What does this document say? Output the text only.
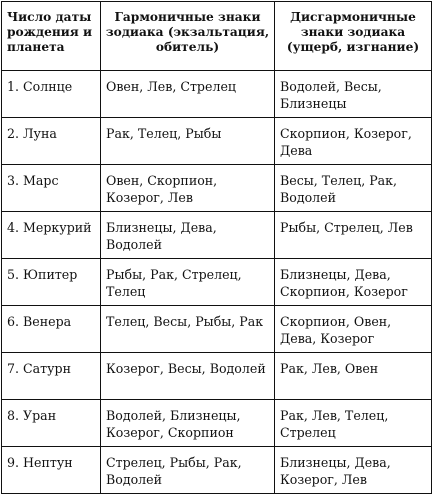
Число даты рождения и планета	Гармоничные знаки зодиака (экзальтация, обитель)	Дисгармоничные знаки зодиака (ущерб, изгнание)
1. Солнце	Овен, Лев, Стрелец	Водолей, Весы, Близнецы
2. Луна	Рак, Телец, Рыбы	Скорпион, Козерог, Дева
3. Марс	Овен, Скорпион, Козерог, Лев	Весы, Телец, Рак, Водолей
4. Меркурий	Близнецы, Дева, Водолей	Рыбы, Стрелец, Лев
5. Юпитер	Рыбы, Рак, Стрелец, Телец	Близнецы, Дева, Скорпион, Козерог
6. Венера	Телец, Весы, Рыбы, Рак	Скорпион, Овен, Дева, Козерог
7. Сатурн	Козерог, Весы, Водолей	Рак, Лев, Овен
8. Уран	Водолей, Близнецы, Козерог, Скорпион	Рак, Лев, Телец, Стрелец
9. Нептун	Стрелец, Рыбы, Рак, Водолей	Близнецы, Дева, Козерог, Лев
